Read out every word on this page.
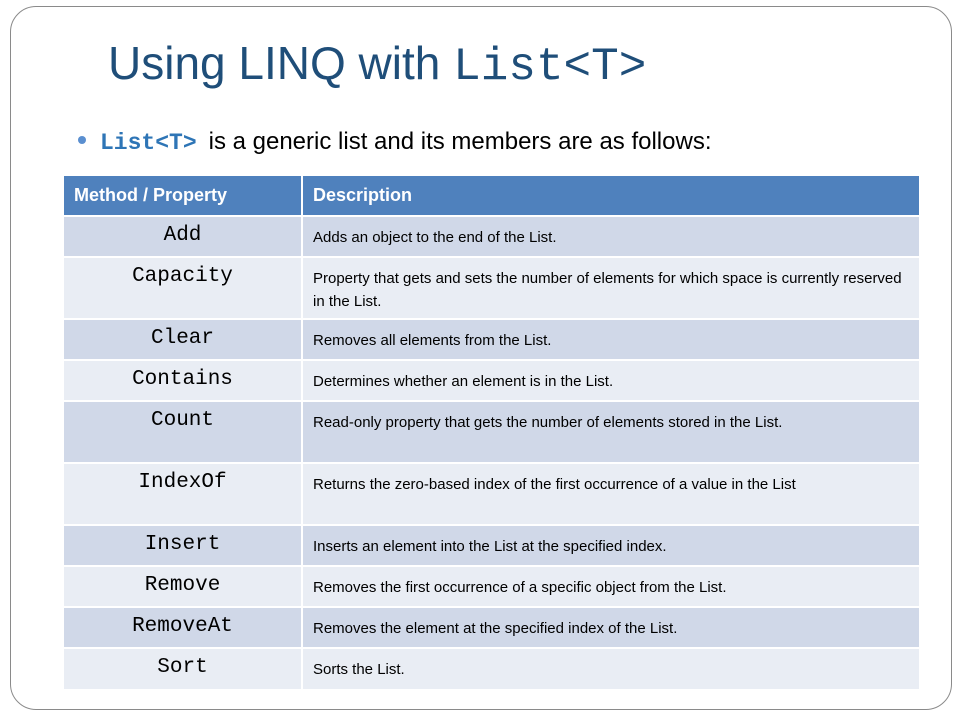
Using LINQ with List<T>
List<T> is a generic list and its members are as follows:
Method / Property	Description
Add	Adds an object to the end of the List.
Capacity	Property that gets and sets the number of elements for which space is currently reserved in the List.
Clear	Removes all elements from the List.
Contains	Determines whether an element is in the List.
Count	Read-only property that gets the number of elements stored in the List.
IndexOf	Returns the zero-based index of the first occurrence of a value in the List
Insert	Inserts an element into the List at the specified index.
Remove	Removes the first occurrence of a specific object from the List.
RemoveAt	Removes the element at the specified index of the List.
Sort	Sorts the List.
